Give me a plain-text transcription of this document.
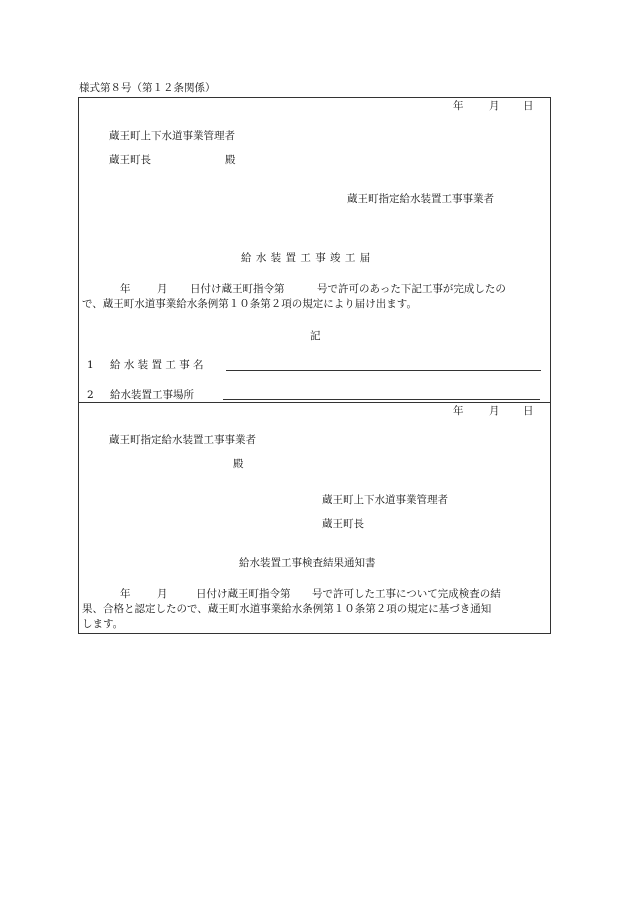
様式第８号（第１２条関係）
年 月 日
蔵王町上下水道事業管理者
蔵王町長	殿
蔵王町指定給水装置工事事業者
給 水 装 置 工 事 竣 工 届
年	月 日付け蔵王町指令第	号で許可のあった下記工事が完成したの
で、蔵王町水道事業給水条例第１０条第２項の規定により届け出ます。
記
1 給 水 装 置 工 事 名
2 給水装置工事場所
年 月 日
蔵王町指定給水装置工事事業者
殿
蔵王町上下水道事業管理者
蔵王町長
給水装置工事検査結果通知書
年	月	日付け蔵王町指令第 号で許可した工事について完成検査の結
果、合格と認定したので、蔵王町水道事業給水条例第１０条第２項の規定に基づき通知
します。
